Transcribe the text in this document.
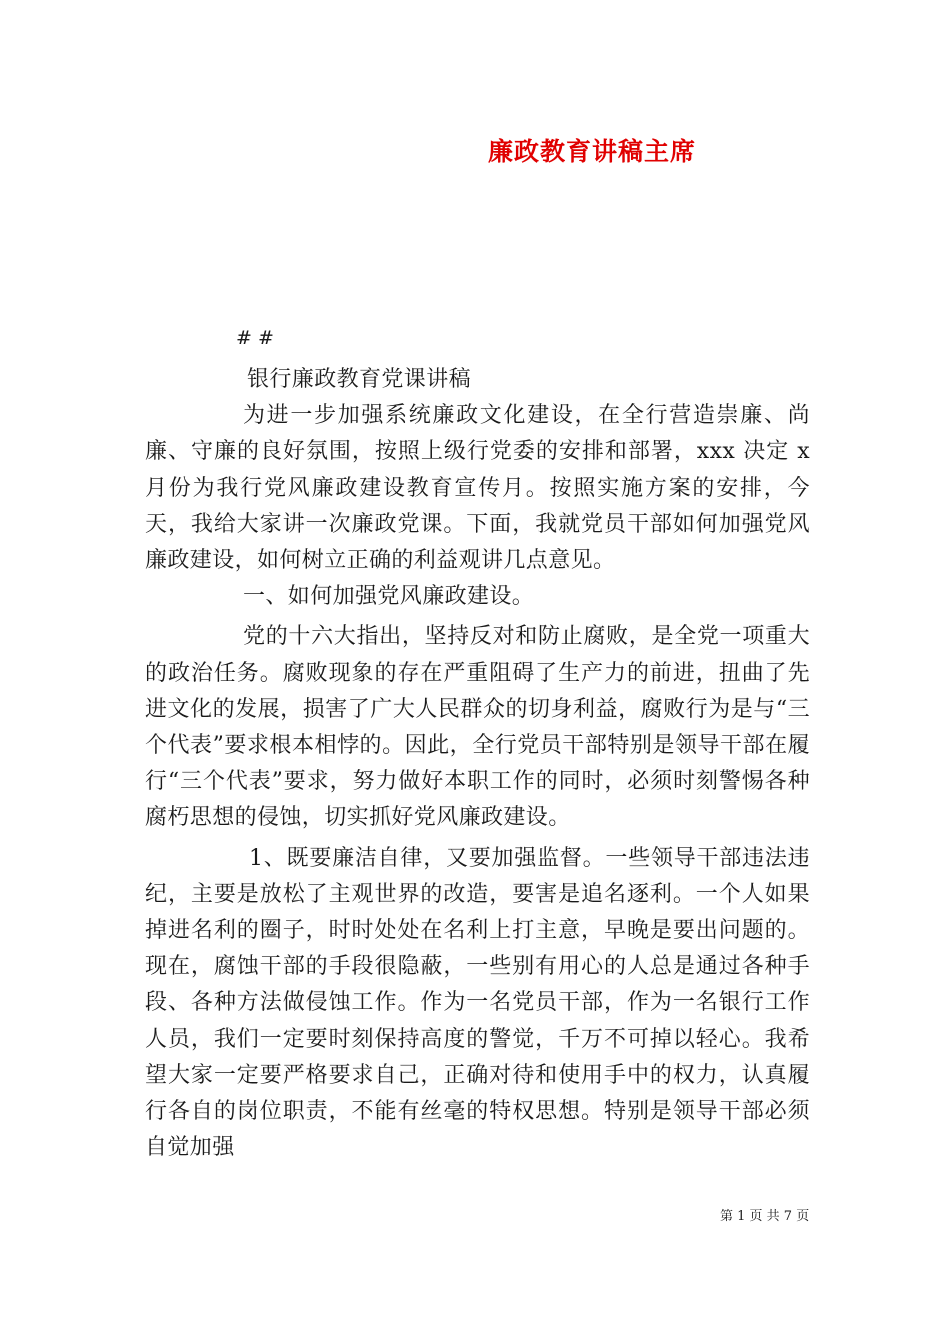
廉政教育讲稿主席
# #

银行廉政教育党课讲稿

为进一步加强系统廉政文化建设，在全行营造崇廉、尚廉、守廉的良好氛围，按照上级行党委的安排和部署，xxx 决定 x 月份为我行党风廉政建设教育宣传月。按照实施方案的安排，今天，我给大家讲一次廉政党课。下面，我就党员干部如何加强党风廉政建设，如何树立正确的利益观讲几点意见。

一、如何加强党风廉政建设。

党的十六大指出，坚持反对和防止腐败，是全党一项重大的政治任务。腐败现象的存在严重阻碍了生产力的前进，扭曲了先进文化的发展，损害了广大人民群众的切身利益，腐败行为是与“三个代表”要求根本相悖的。因此，全行党员干部特别是领导干部在履行“三个代表”要求，努力做好本职工作的同时，必须时刻警惕各种腐朽思想的侵蚀，切实抓好党风廉政建设。

1、既要廉洁自律，又要加强监督。一些领导干部违法违纪，主要是放松了主观世界的改造，要害是追名逐利。一个人如果掉进名利的圈子，时时处处在名利上打主意，早晚是要出问题的。现在，腐蚀干部的手段很隐蔽，一些别有用心的人总是通过各种手段、各种方法做侵蚀工作。作为一名党员干部，作为一名银行工作人员，我们一定要时刻保持高度的警觉，千万不可掉以轻心。我希望大家一定要严格要求自己，正确对待和使用手中的权力，认真履行各自的岗位职责，不能有丝毫的特权思想。特别是领导干部必须自觉加强

第 1 页 共 7 页
